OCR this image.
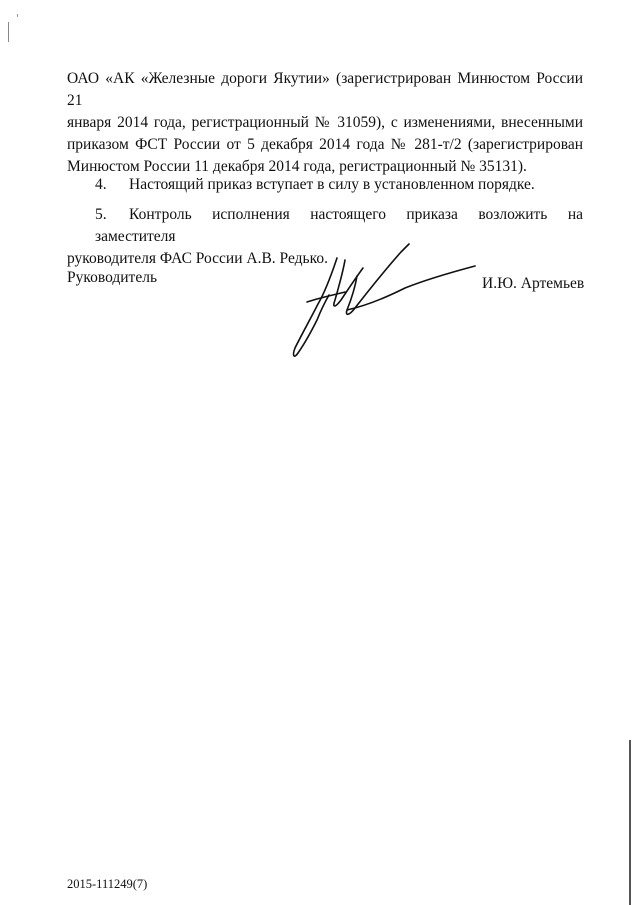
ОАО «АК «Железные дороги Якутии» (зарегистрирован Минюстом России 21
января 2014 года, регистрационный № 31059), с изменениями, внесенными
приказом ФСТ России от 5 декабря 2014 года № 281-т/2 (зарегистрирован
Минюстом России 11 декабря 2014 года, регистрационный № 35131).
4. Настоящий приказ вступает в силу в установленном порядке.
5. Контроль исполнения настоящего приказа возложить на заместителя
руководителя ФАС России А.В. Редько.
Руководитель	И.Ю. Артемьев
2015-111249(7)
